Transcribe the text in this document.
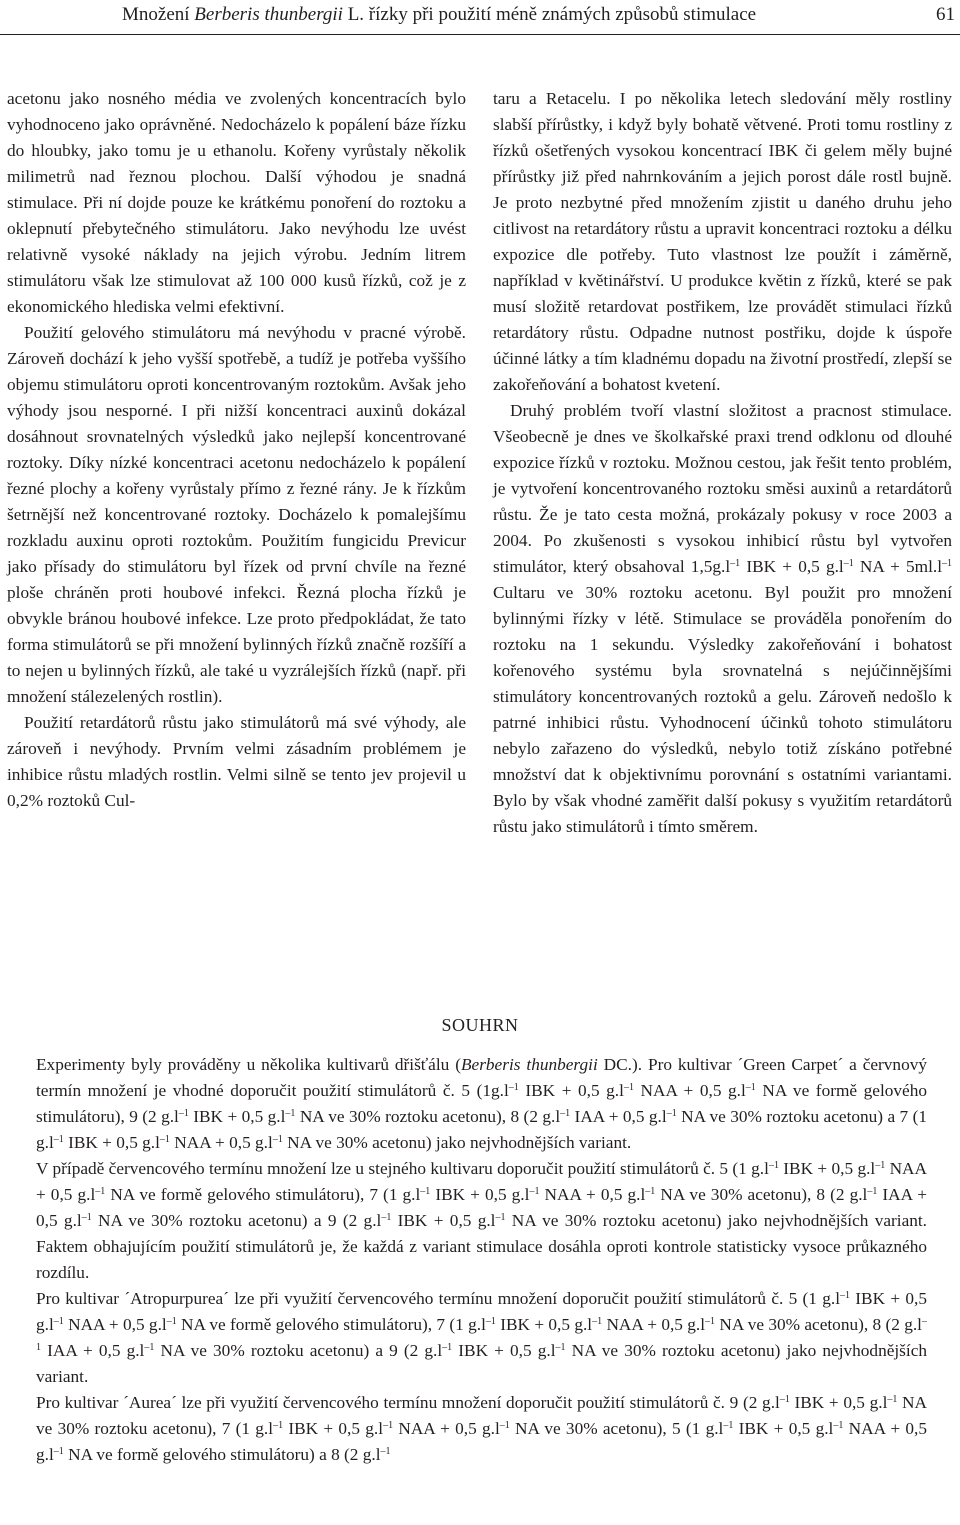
Množení Berberis thunbergii L. řízky při použití méně známých způsobů stimulace	61

acetonu jako nosného média ve zvolených koncentracích bylo vyhodnoceno jako oprávněné. Nedocházelo k popálení báze řízku do hloubky, jako tomu je u ethanolu. Kořeny vyrůstaly několik milimetrů nad řeznou plochou. Další výhodou je snadná stimulace. Při ní dojde pouze ke krátkému ponoření do roztoku a oklepnutí přebytečného stimulátoru. Jako nevýhodu lze uvést relativně vysoké náklady na jejich výrobu. Jedním litrem stimulátoru však lze stimulovat až 100 000 kusů řízků, což je z ekonomického hlediska velmi efektivní.

Použití gelového stimulátoru má nevýhodu v pracné výrobě. Zároveň dochází k jeho vyšší spotřebě, a tudíž je potřeba vyššího objemu stimulátoru oproti koncentrovaným roztokům. Avšak jeho výhody jsou nesporné. I při nižší koncentraci auxinů dokázal dosáhnout srovnatelných výsledků jako nejlepší koncentrované roztoky. Díky nízké koncentraci acetonu nedocházelo k popálení řezné plochy a kořeny vyrůstaly přímo z řezné rány. Je k řízkům šetrnější než koncentrované roztoky. Docházelo k pomalejšímu rozkladu auxinu oproti roztokům. Použitím fungicidu Previcur jako přísady do stimulátoru byl řízek od první chvíle na řezné ploše chráněn proti houbové infekci. Řezná plocha řízků je obvykle bránou houbové infekce. Lze proto předpokládat, že tato forma stimulátorů se při množení bylinných řízků značně rozšíří a to nejen u bylinných řízků, ale také u vyzrálejších řízků (např. při množení stálezelených rostlin).

Použití retardátorů růstu jako stimulátorů má své výhody, ale zároveň i nevýhody. Prvním velmi zásadním problémem je inhibice růstu mladých rostlin. Velmi silně se tento jev projevil u 0,2% roztoků Cul-

taru a Retacelu. I po několika letech sledování měly rostliny slabší přírůstky, i když byly bohatě větvené. Proti tomu rostliny z řízků ošetřených vysokou koncentrací IBK či gelem měly bujné přírůstky již před nahrnkováním a jejich porost dále rostl bujně. Je proto nezbytné před množením zjistit u daného druhu jeho citlivost na retardátory růstu a upravit koncentraci roztoku a délku expozice dle potřeby. Tuto vlastnost lze použít i záměrně, například v květinářství. U produkce květin z řízků, které se pak musí složitě retardovat postřikem, lze provádět stimulaci řízků retardátory růstu. Odpadne nutnost postřiku, dojde k úspoře účinné látky a tím kladnému dopadu na životní prostředí, zlepší se zakořeňování a bohatost kvetení.

Druhý problém tvoří vlastní složitost a pracnost stimulace. Všeobecně je dnes ve školkařské praxi trend odklonu od dlouhé expozice řízků v roztoku. Možnou cestou, jak řešit tento problém, je vytvoření koncentrovaného roztoku směsi auxinů a retardátorů růstu. Že je tato cesta možná, prokázaly pokusy v roce 2003 a 2004. Po zkušenosti s vysokou inhibicí růstu byl vytvořen stimulátor, který obsahoval $1,5g.l^{-1}$ IBK + 0,5 $g.l^{-1}$ NA + $5ml.l^{-1}$ Cultaru ve 30% roztoku acetonu. Byl použit pro množení bylinnými řízky v létě. Stimulace se prováděla ponořením do roztoku na 1 sekundu. Výsledky zakořeňování i bohatost kořenového systému byla srovnatelná s nejúčinnějšími stimulátory koncentrovaných roztoků a gelu. Zároveň nedošlo k patrné inhibici růstu. Vyhodnocení účinků tohoto stimulátoru nebylo zařazeno do výsledků, nebylo totiž získáno potřebné množství dat k objektivnímu porovnání s ostatními variantami. Bylo by však vhodné zaměřit další pokusy s využitím retardátorů růstu jako stimulátorů i tímto směrem.

SOUHRN

Experimenty byly prováděny u několika kultivarů dřišťálu (Berberis thunbergii DC.). Pro kultivar ´Green Carpet´ a červnový termín množení je vhodné doporučit použití stimulátorů č. 5 ($1g.l^{-1}$ IBK + 0,5 $g.l^{-1}$ NAA + 0,5 $g.l^{-1}$ NA ve formě gelového stimulátoru), 9 (2 $g.l^{-1}$ IBK + 0,5 $g.l^{-1}$ NA ve 30% roztoku acetonu), 8 (2 $g.l^{-1}$ IAA + 0,5 $g.l^{-1}$ NA ve 30% roztoku acetonu) a 7 (1 $g.l^{-1}$ IBK + 0,5 $g.l^{-1}$ NAA + 0,5 $g.l^{-1}$ NA ve 30% acetonu) jako nejvhodnějších variant.

V případě červencového termínu množení lze u stejného kultivaru doporučit použití stimulátorů č. 5 (1 $g.l^{-1}$ IBK + 0,5 $g.l^{-1}$ NAA + 0,5 $g.l^{-1}$ NA ve formě gelového stimulátoru), 7 (1 $g.l^{-1}$ IBK + 0,5 $g.l^{-1}$ NAA + 0,5 $g.l^{-1}$ NA ve 30% acetonu), 8 (2 $g.l^{-1}$ IAA + 0,5 $g.l^{-1}$ NA ve 30% roztoku acetonu) a 9 (2 $g.l^{-1}$ IBK + 0,5 $g.l^{-1}$ NA ve 30% roztoku acetonu) jako nejvhodnějších variant. Faktem obhajujícím použití stimulátorů je, že každá z variant stimulace dosáhla oproti kontrole statisticky vysoce průkazného rozdílu.

Pro kultivar ´Atropurpurea´ lze při využití červencového termínu množení doporučit použití stimulátorů č. 5 (1 $g.l^{-1}$ IBK + 0,5 $g.l^{-1}$ NAA + 0,5 $g.l^{-1}$ NA ve formě gelového stimulátoru), 7 (1 $g.l^{-1}$ IBK + 0,5 $g.l^{-1}$ NAA + 0,5 $g.l^{-1}$ NA ve 30% acetonu), 8 (2 $g.l^{-1}$ IAA + 0,5 $g.l^{-1}$ NA ve 30% roztoku acetonu) a 9 (2 $g.l^{-1}$ IBK + 0,5 $g.l^{-1}$ NA ve 30% roztoku acetonu) jako nejvhodnějších variant.

Pro kultivar ´Aurea´ lze při využití červencového termínu množení doporučit použití stimulátorů č. 9 (2 $g.l^{-1}$ IBK + 0,5 $g.l^{-1}$ NA ve 30% roztoku acetonu), 7 (1 $g.l^{-1}$ IBK + 0,5 $g.l^{-1}$ NAA + 0,5 $g.l^{-1}$ NA ve 30% acetonu), 5 (1 $g.l^{-1}$ IBK + 0,5 $g.l^{-1}$ NAA + 0,5 $g.l^{-1}$ NA ve formě gelového stimulátoru) a 8 (2 $g.l^{-1}$
